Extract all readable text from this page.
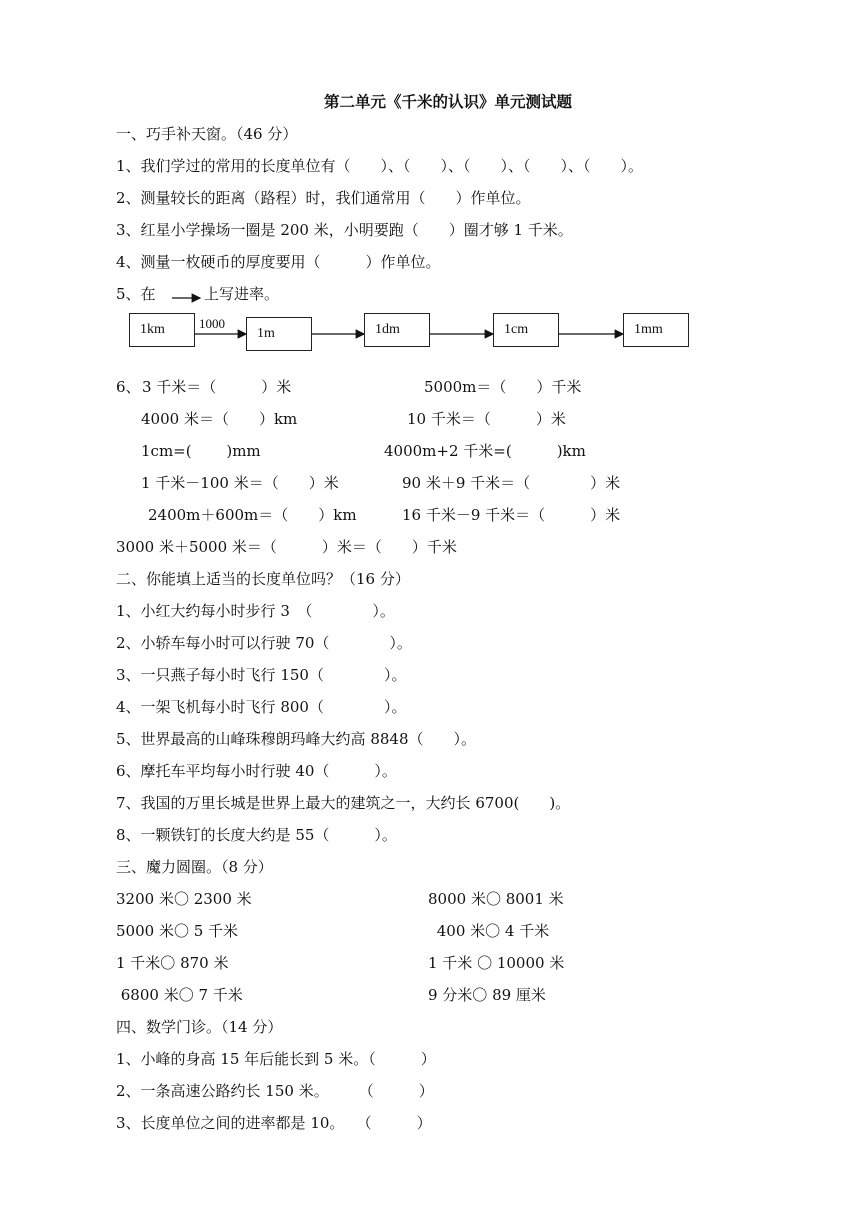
第二单元《千米的认识》单元测试题
一、巧手补天窗。（46 分）
1、我们学过的常用的长度单位有（　　）、（　　）、（　　）、（　　）、（　　）。
2、测量较长的距离（路程）时，我们通常用（　　）作单位。
3、红星小学操场一圈是 200 米，小明要跑（　　）圈才够 1 千米。
4、测量一枚硬币的厚度要用（　　　）作单位。
5、在	上写进率。
1km	1000
1m	1dm	1cm	1mm
6、 3 千米＝（　　　）米	5000m＝（　　）千米
4000 米＝（　　）km	10 千米＝（　　　）米
1cm=(　　 )mm	4000m+2 千米=(　　　)km
1 千米－100 米＝（　　）米	90 米＋9 千米＝（　　　　）米
2400m＋600m＝（　　）km	16 千米－9 千米＝（　　　）米
3000 米＋5000 米＝（　　　）米＝（　　）千米
二、你能填上适当的长度单位吗？（16 分）
1、小红大约每小时步行 3　（　　　　）。
2、小轿车每小时可以行驶 70（　　　　）。
3、一只燕子每小时飞行 150（　　　　）。
4、一架飞机每小时飞行 800（　　　　）。
5、世界最高的山峰珠穆朗玛峰大约高 8848（　　）。
6、摩托车平均每小时行驶 40（　　　）。
7、我国的万里长城是世界上最大的建筑之一，大约长 6700(　　)。
8、一颗铁钉的长度大约是 55（　　　）。
三、魔力圆圈。（8 分）
3200 米〇 2300 米	8000 米〇 8001 米
5000 米〇 5 千米	400 米〇 4 千米
1 千米〇 870 米	1 千米 〇 10000 米
6800 米〇 7 千米	9 分米〇 89 厘米
四、数学门诊。（14 分）
1、小峰的身高 15 年后能长到 5 米。（　　　）
2、一条高速公路约长 150 米。　　　（　　　）
3、长度单位之间的进率都是 10。　 （　　　）
